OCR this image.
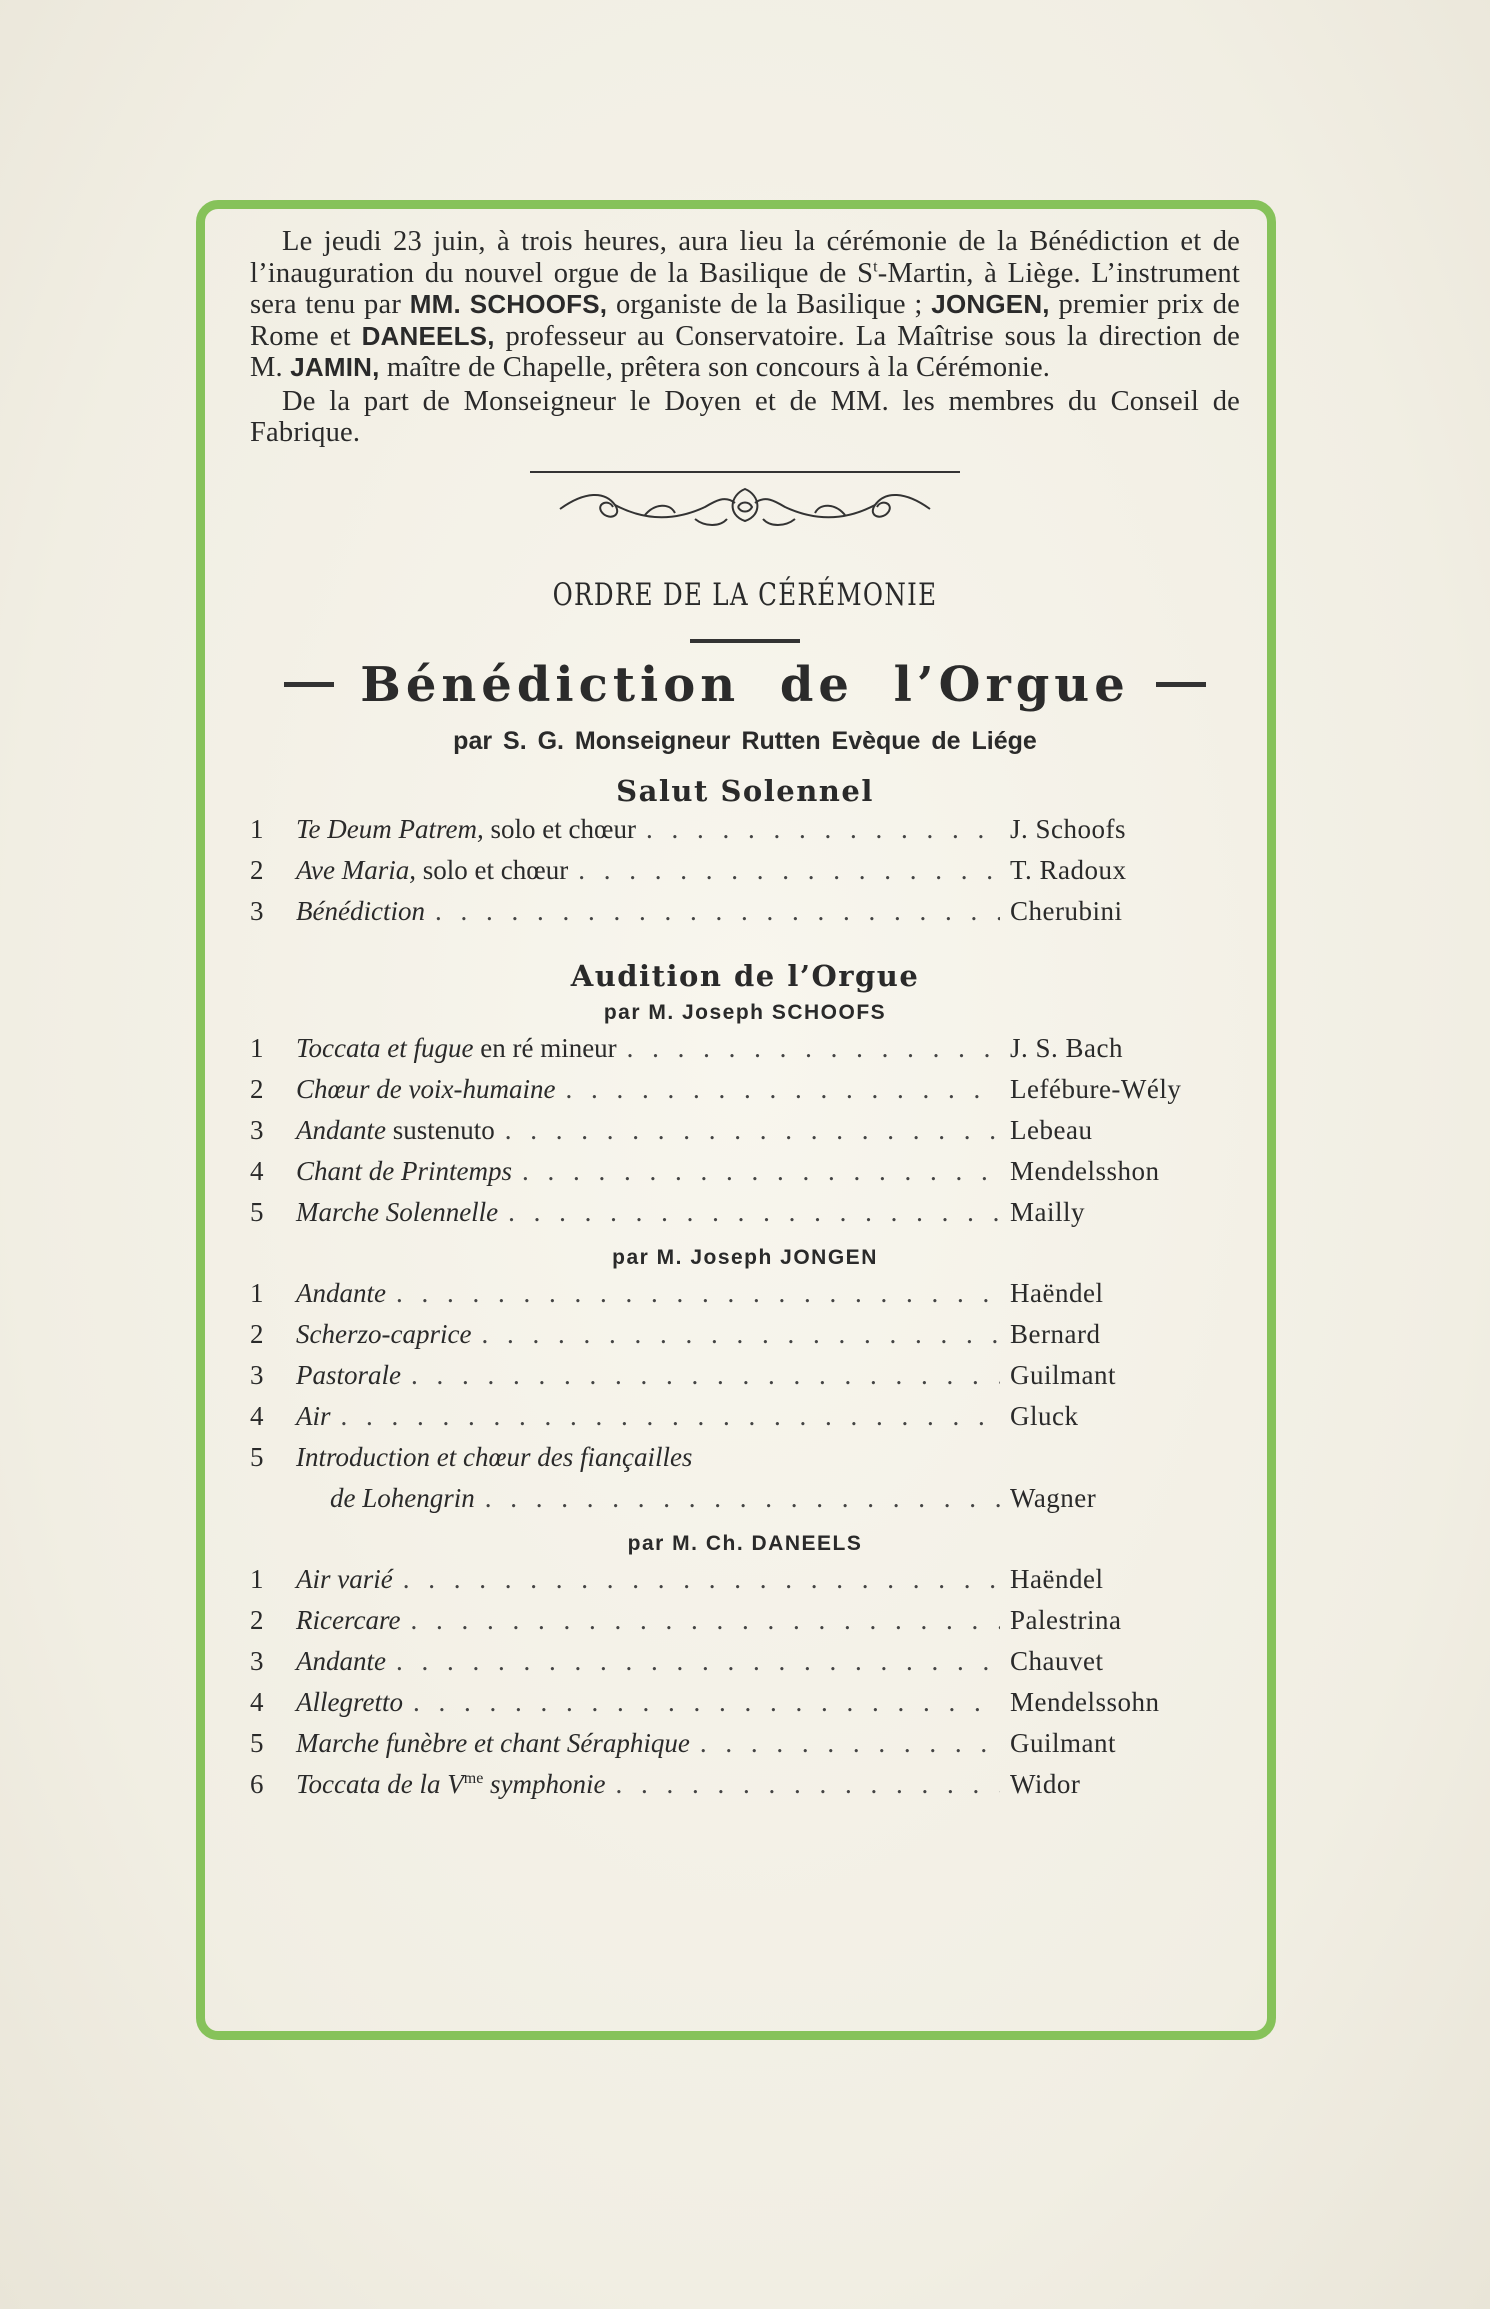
Le jeudi 23 juin, à trois heures, aura lieu la cérémonie de la Bénédiction et de l’inauguration du nouvel orgue de la Basilique de $S^t$-Martin, à Liège. L’instrument sera tenu par MM. SCHOOFS, organiste de la Basilique ; JONGEN, premier prix de Rome et DANEELS, professeur au Conservatoire. La Maîtrise sous la direction de M. JAMIN, maître de Chapelle, prêtera son concours à la Cérémonie.

De la part de Monseigneur le Doyen et de MM. les membres du Conseil de Fabrique.

ORDRE DE LA CÉRÉMONIE
Bénédiction de l’Orgue
par S. G. Monseigneur Rutten Evèque de Liége
Salut Solennel
1	Te Deum Patrem, solo et chœur . . .	J. Schoofs
2	Ave Maria, solo et chœur . . .	T. Radoux
3	Bénédiction . . .	Cherubini
Audition de l’Orgue
par M. Joseph SCHOOFS
1	Toccata et fugue en ré mineur . . .	J. S. Bach
2	Chœur de voix-humaine . . .	Lefébure-Wély
3	Andante sustenuto . . .	Lebeau
4	Chant de Printemps . . .	Mendelsshon
5	Marche Solennelle . . .	Mailly
par M. Joseph JONGEN
1	Andante . . .	Haëndel
2	Scherzo-caprice . . .	Bernard
3	Pastorale . . .	Guilmant
4	Air . . .	Gluck
5	Introduction et chœur des fiançailles
de Lohengrin . . .	Wagner
par M. Ch. DANEELS
1	Air varié . . .	Haëndel
2	Ricercare . . .	Palestrina
3	Andante . . .	Chauvet
4	Allegretto . . .	Mendelssohn
5	Marche funèbre et chant Séraphique . . .	Guilmant
6	Toccata de la $V^{me}$ symphonie . . .	Widor
